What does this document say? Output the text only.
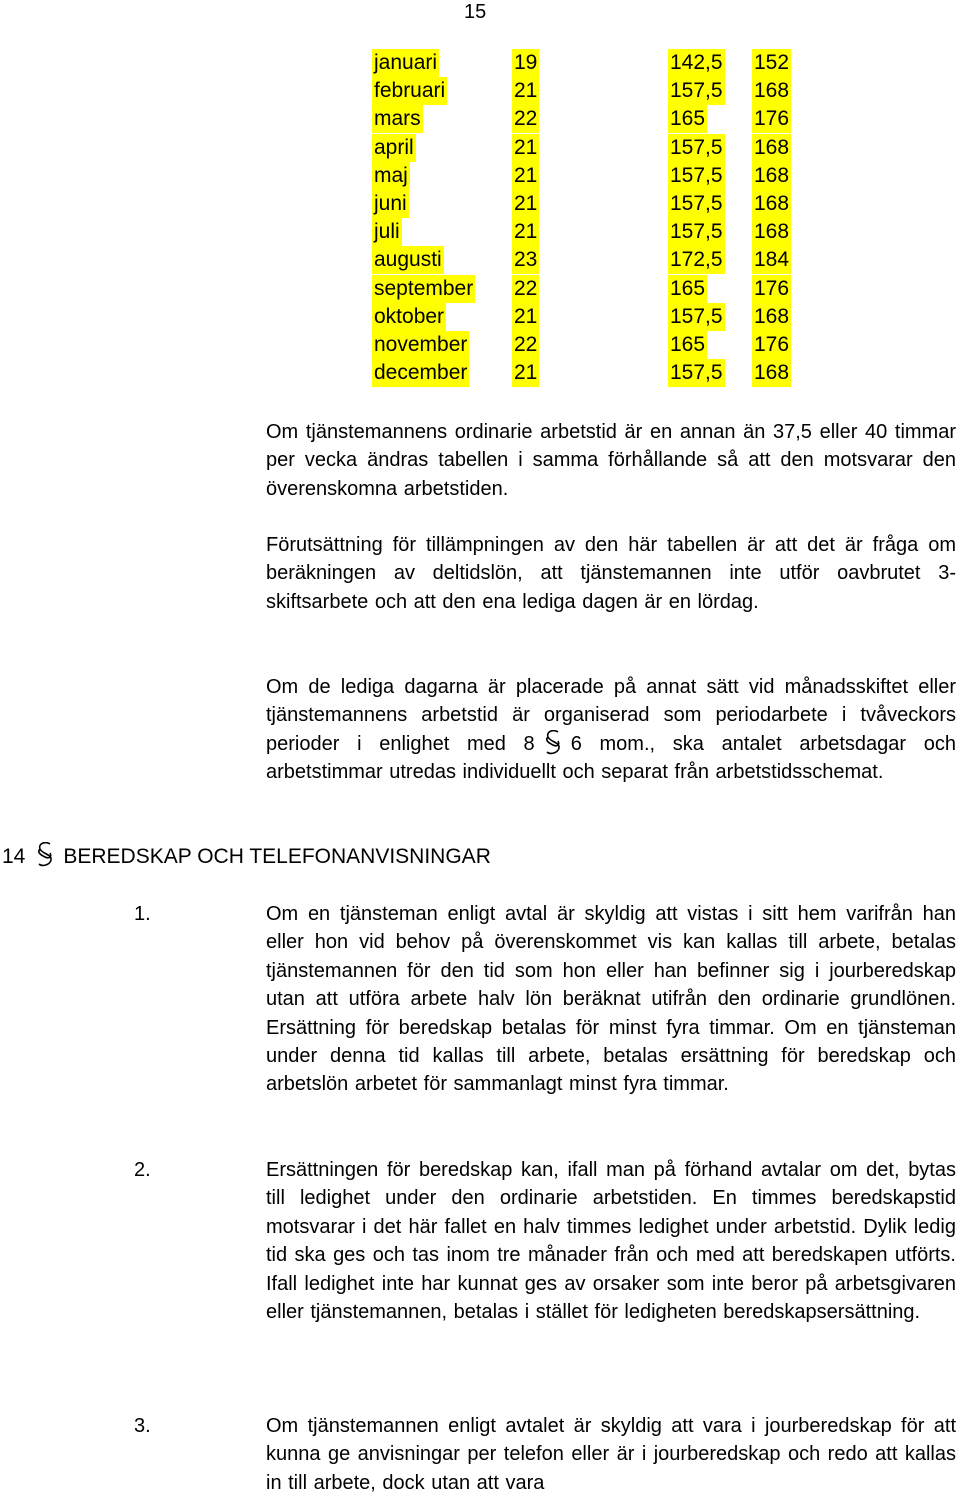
15
januari	19	142,5 152
februari	21	157,5 168
mars	22	165 176
april	21	157,5 168
maj	21	157,5 168
juni	21	157,5 168
juli	21	157,5 168
augusti	23	172,5 184
september 22	165 176
oktober	21	157,5 168
november 22	165 176
december 21	157,5 168
Om tjänstemannens ordinarie arbetstid är en annan än 37,5 eller 40 timmar per vecka ändras tabellen i samma förhållande så att den motsvarar den överenskomna arbetstiden.
Förutsättning för tillämpningen av den här tabellen är att det är fråga om beräkningen av deltidslön, att tjänstemannen inte utför oavbrutet 3-skiftsarbete och att den ena lediga dagen är en lördag.
Om de lediga dagarna är placerade på annat sätt vid månadsskiftet eller tjänstemannens arbetstid är organiserad som periodarbete i tvåveckors perioder i enlighet med 8 6 mom., ska antalet arbetsdagar och arbetstimmar utredas individuellt och separat från arbetstidsschemat.
14 BEREDSKAP OCH TELEFONANVISNINGAR
1.	Om en tjänsteman enligt avtal är skyldig att vistas i sitt hem varifrån han eller hon vid behov på överenskommet vis kan kallas till arbete, betalas tjänstemannen för den tid som hon eller han befinner sig i jourberedskap utan att utföra arbete halv lön beräknat utifrån den ordinarie grundlönen. Ersättning för beredskap betalas för minst fyra timmar. Om en tjänsteman under denna tid kallas till arbete, betalas ersättning för beredskap och arbetslön arbetet för sammanlagt minst fyra timmar.
2.	Ersättningen för beredskap kan, ifall man på förhand avtalar om det, bytas till ledighet under den ordinarie arbetstiden. En timmes beredskapstid motsvarar i det här fallet en halv timmes ledighet under arbetstid. Dylik ledig tid ska ges och tas inom tre månader från och med att beredskapen utförts. Ifall ledighet inte har kunnat ges av orsaker som inte beror på arbetsgivaren eller tjänstemannen, betalas i stället för ledigheten beredskapsersättning.
3.	Om tjänstemannen enligt avtalet är skyldig att vara i jourberedskap för att kunna ge anvisningar per telefon eller är i jourberedskap och redo att kallas in till arbete, dock utan att vara
